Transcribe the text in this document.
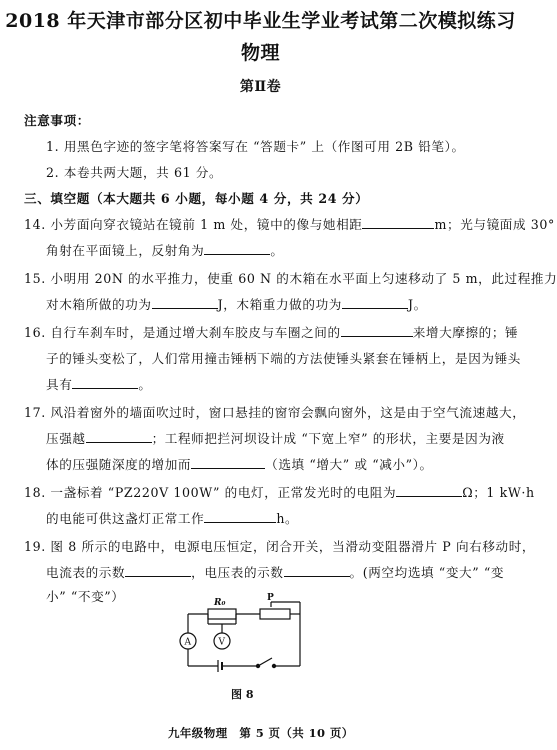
2018 年天津市部分区初中毕业生学业考试第二次模拟练习
物理
第Ⅱ卷
注意事项：
1. 用黑色字迹的签字笔将答案写在 “答题卡” 上（作图可用 2B 铅笔）。
2. 本卷共两大题，共 61 分。
三、填空题（本大题共 6 小题，每小题 4 分，共 24 分）
14. 小芳面向穿衣镜站在镜前 1 m 处，镜中的像与她相距	m；光与镜面成 30°
角射在平面镜上，反射角为	。
15. 小明用 20N 的水平推力，使重 60 N 的木箱在水平面上匀速移动了 5 m，此过程推力
对木箱所做的功为	J，木箱重力做的功为	J。
16. 自行车刹车时，是通过增大刹车胶皮与车圈之间的	来增大摩擦的；锤
子的锤头变松了，人们常用撞击锤柄下端的方法使锤头紧套在锤柄上，是因为锤头
具有	。
17. 风沿着窗外的墙面吹过时，窗口悬挂的窗帘会飘向窗外，这是由于空气流速越大，
压强越	；工程师把拦河坝设计成 “下宽上窄” 的形状，主要是因为液
体的压强随深度的增加而	（选填 “增大” 或 “减小”）。
18. 一盏标着 “PZ220V 100W” 的电灯，正常发光时的电阻为	Ω；1 kW·h
的电能可供这盏灯正常工作	h。
19. 图 8 所示的电路中，电源电压恒定，闭合开关，当滑动变阻器滑片 P 向右移动时，
电流表的示数	，电压表的示数	。(两空均选填 “变大” “变
小” “不变”）	R₀	P
A	V
图 8
九年级物理　第 5 页（共 10 页）
